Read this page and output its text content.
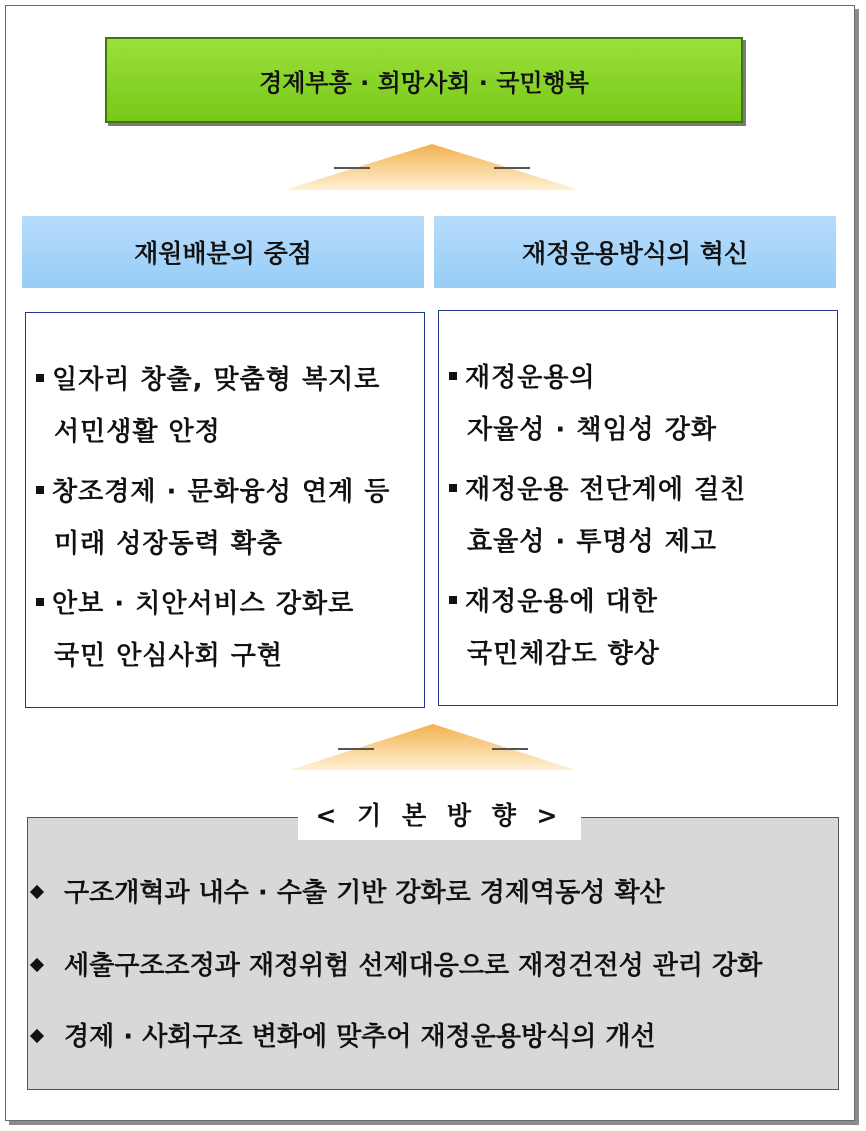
경제부흥 · 희망사회 · 국민행복
재원배분의 중점	재정운용방식의 혁신
일자리 창출, 맞춤형 복지로
서민생활 안정
창조경제 · 문화융성 연계 등
미래 성장동력 확충
안보 · 치안서비스 강화로
국민 안심사회 구현
재정운용의
자율성 · 책임성 강화
재정운용 전단계에 걸친
효율성 · 투명성 제고
재정운용에 대한
국민체감도 향상
< 기 본 방 향 >
구조개혁과 내수 · 수출 기반 강화로 경제역동성 확산
세출구조조정과 재정위험 선제대응으로 재정건전성 관리 강화
경제 · 사회구조 변화에 맞추어 재정운용방식의 개선
